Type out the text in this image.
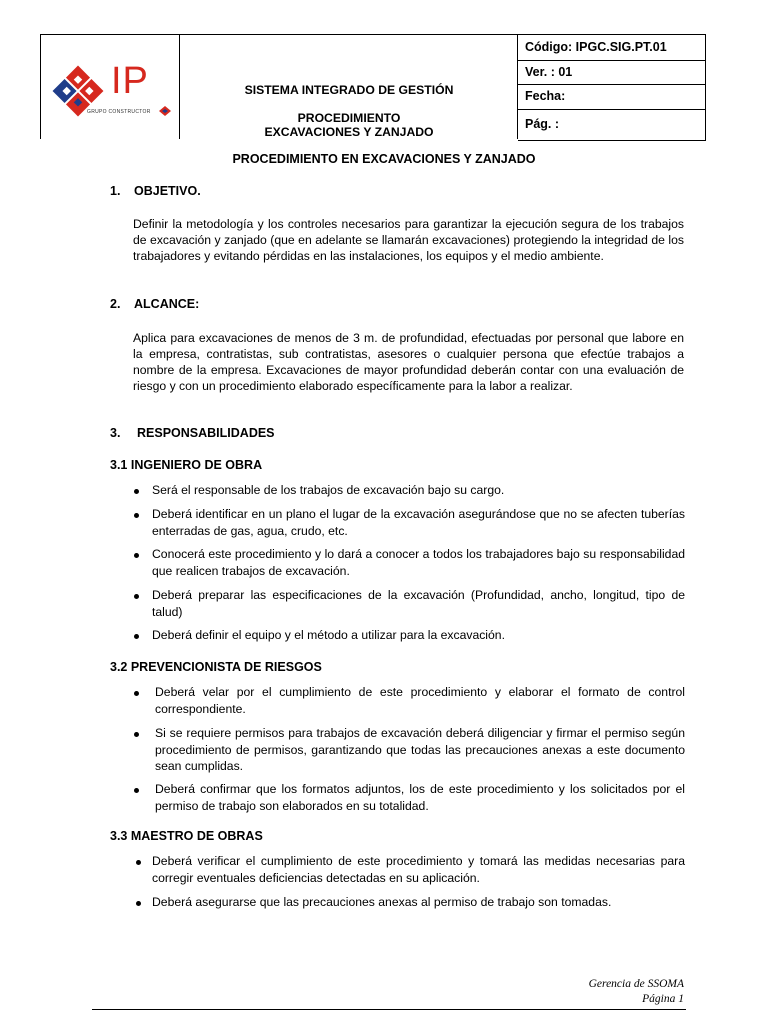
IP
GRUPO CONSTRUCTOR
SISTEMA INTEGRADO DE GESTIÓN
PROCEDIMIENTO
EXCAVACIONES Y ZANJADO
Código: IPGC.SIG.PT.01
Ver. : 01
Fecha:
Pág. :
PROCEDIMIENTO EN EXCAVACIONES Y ZANJADO
1. OBJETIVO.
Definir la metodología y los controles necesarios para garantizar la ejecución segura de los trabajos de excavación y zanjado (que en adelante se llamarán excavaciones) protegiendo la integridad de los trabajadores y evitando pérdidas en las instalaciones, los equipos y el medio ambiente.
2. ALCANCE:
Aplica para excavaciones de menos de 3 m. de profundidad, efectuadas por personal que labore en la empresa, contratistas, sub contratistas, asesores o cualquier persona que efectúe trabajos a nombre de la empresa. Excavaciones de mayor profundidad deberán contar con una evaluación de riesgo y con un procedimiento elaborado específicamente para la labor a realizar.
3. RESPONSABILIDADES
3.1 INGENIERO DE OBRA
Será el responsable de los trabajos de excavación bajo su cargo.
Deberá identificar en un plano el lugar de la excavación asegurándose que no se afecten tuberías enterradas de gas, agua, crudo, etc.
Conocerá este procedimiento y lo dará a conocer a todos los trabajadores bajo su responsabilidad que realicen trabajos de excavación.
Deberá preparar las especificaciones de la excavación (Profundidad, ancho, longitud, tipo de talud)
Deberá definir el equipo y el método a utilizar para la excavación.
3.2 PREVENCIONISTA DE RIESGOS
Deberá velar por el cumplimiento de este procedimiento y elaborar el formato de control correspondiente.
Si se requiere permisos para trabajos de excavación deberá diligenciar y firmar el permiso según procedimiento de permisos, garantizando que todas las precauciones anexas a este documento sean cumplidas.
Deberá confirmar que los formatos adjuntos, los de este procedimiento y los solicitados por el permiso de trabajo son elaborados en su totalidad.
3.3 MAESTRO DE OBRAS
Deberá verificar el cumplimiento de este procedimiento y tomará las medidas necesarias para corregir eventuales deficiencias detectadas en su aplicación.
Deberá asegurarse que las precauciones anexas al permiso de trabajo son tomadas.
Gerencia de SSOMA
Página 1
